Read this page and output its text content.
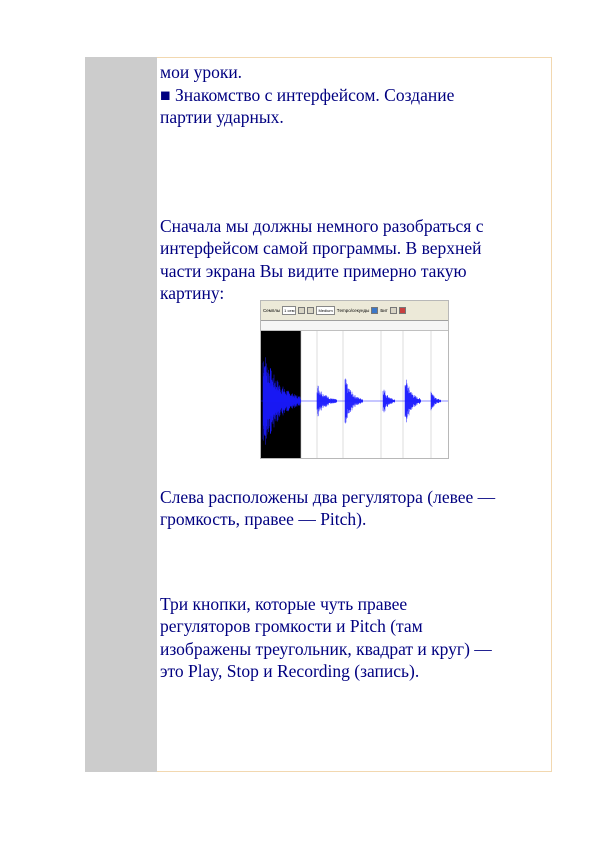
мои уроки.

■ Знакомство с интерфейсом. Создание
партии ударных.

Сначала мы должны немного разобраться с
интерфейсом самой программы. В верхней
части экрана Вы видите примерно такую
картину:

Слева расположены два регулятора (левее —
громкость, правее — Pitch).

Три кнопки, которые чуть правее
регуляторов громкости и Pitch (там
изображены треугольник, квадрат и круг) —
это Play, Stop и Recording (запись).

Семплы	1 сем	Medium Тempo/секунды Бит
